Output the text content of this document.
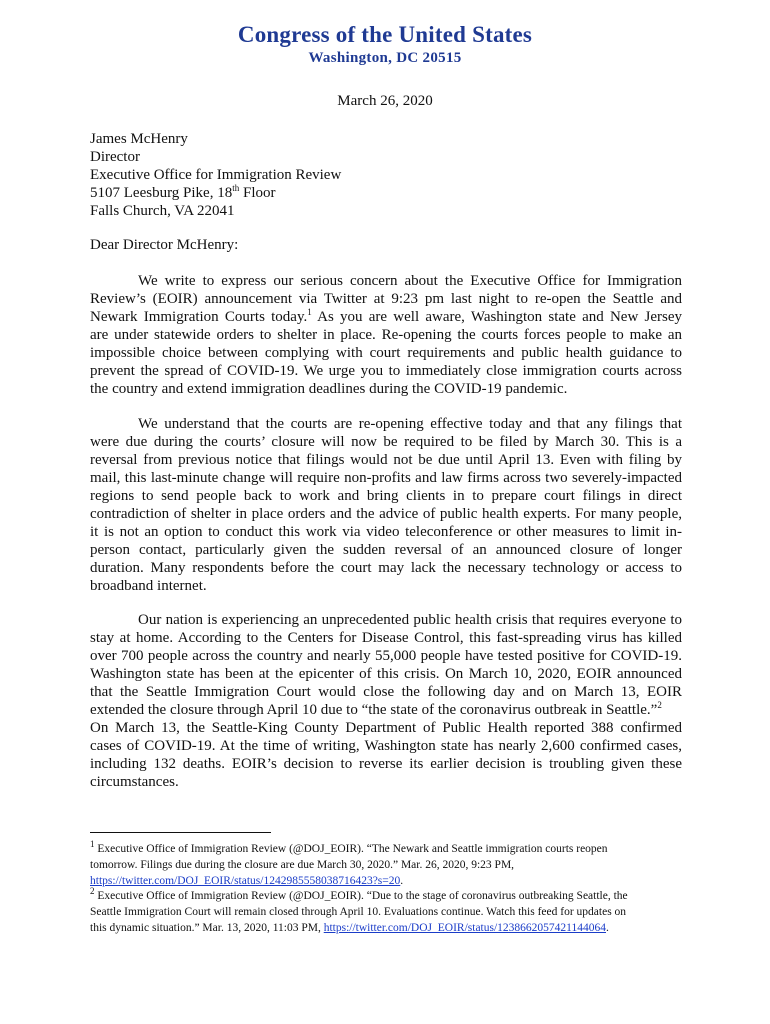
Congress of the United States
Washington, DC 20515
March 26, 2020
James McHenry
Director
Executive Office for Immigration Review
5107 Leesburg Pike, 18th Floor
Falls Church, VA 22041
Dear Director McHenry:
We write to express our serious concern about the Executive Office for Immigration
Review’s (EOIR) announcement via Twitter at 9:23 pm last night to re-open the Seattle and
Newark Immigration Courts today.$^1$ As you are well aware, Washington state and New Jersey
are under statewide orders to shelter in place. Re-opening the courts forces people to make an
impossible choice between complying with court requirements and public health guidance to
prevent the spread of COVID-19. We urge you to immediately close immigration courts across
the country and extend immigration deadlines during the COVID-19 pandemic.
We understand that the courts are re-opening effective today and that any filings that
were due during the courts’ closure will now be required to be filed by March 30. This is a
reversal from previous notice that filings would not be due until April 13. Even with filing by
mail, this last-minute change will require non-profits and law firms across two severely-impacted
regions to send people back to work and bring clients in to prepare court filings in direct
contradiction of shelter in place orders and the advice of public health experts. For many people,
it is not an option to conduct this work via video teleconference or other measures to limit in-
person contact, particularly given the sudden reversal of an announced closure of longer
duration. Many respondents before the court may lack the necessary technology or access to
broadband internet.
Our nation is experiencing an unprecedented public health crisis that requires everyone to
stay at home. According to the Centers for Disease Control, this fast-spreading virus has killed
over 700 people across the country and nearly 55,000 people have tested positive for COVID-19.
Washington state has been at the epicenter of this crisis. On March 10, 2020, EOIR announced
that the Seattle Immigration Court would close the following day and on March 13, EOIR
extended the closure through April 10 due to “the state of the coronavirus outbreak in Seattle.”$^2$
On March 13, the Seattle-King County Department of Public Health reported 388 confirmed
cases of COVID-19. At the time of writing, Washington state has nearly 2,600 confirmed cases,
including 132 deaths. EOIR’s decision to reverse its earlier decision is troubling given these
circumstances.
$^1$ Executive Office of Immigration Review (@DOJ_EOIR). “The Newark and Seattle immigration courts reopen
tomorrow. Filings due during the closure are due March 30, 2020.” Mar. 26, 2020, 9:23 PM,
https://twitter.com/DOJ_EOIR/status/1242985558038716423?s=20.
$^2$ Executive Office of Immigration Review (@DOJ_EOIR). “Due to the stage of coronavirus outbreaking Seattle, the
Seattle Immigration Court will remain closed through April 10. Evaluations continue. Watch this feed for updates on
this dynamic situation.” Mar. 13, 2020, 11:03 PM, https://twitter.com/DOJ_EOIR/status/1238662057421144064.
